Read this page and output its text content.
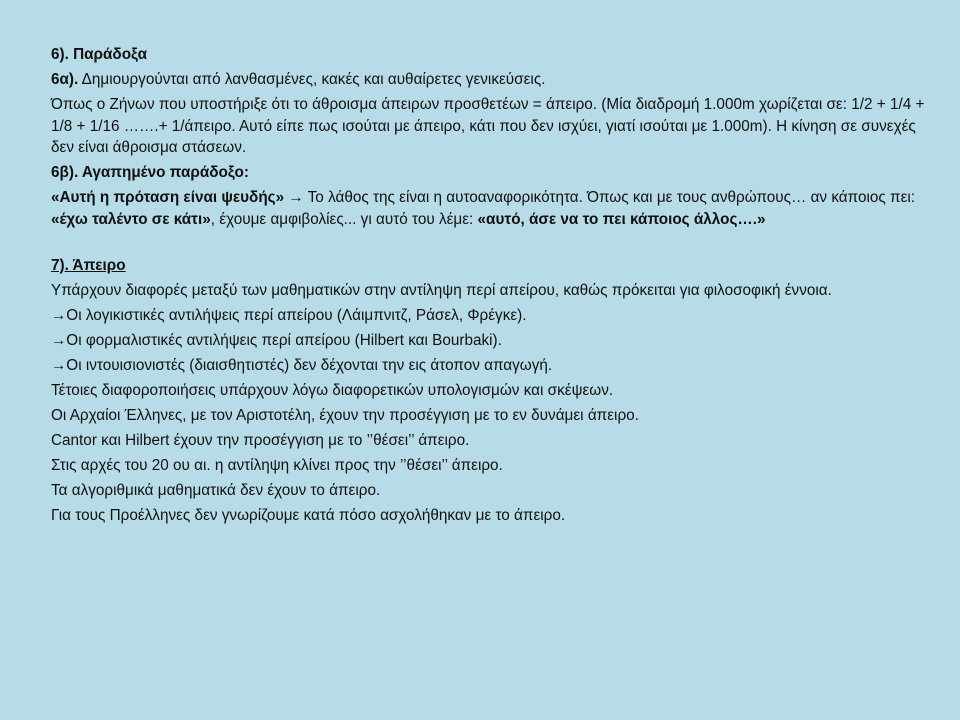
6). Παράδοξα

6α). Δημιουργούνται από λανθασμένες, κακές και αυθαίρετες γενικεύσεις.

Όπως ο Ζήνων που υποστήριξε ότι το άθροισμα άπειρων προσθετέων = άπειρο. (Μία διαδρομή 1.000m χωρίζεται σε: 1/2 + 1/4 + 1/8 + 1/16 …….+ 1/άπειρο. Αυτό είπε πως ισούται με άπειρο, κάτι που δεν ισχύει, γιατί ισούται με 1.000m). Η κίνηση σε συνεχές δεν είναι άθροισμα στάσεων.

6β). Αγαπημένο παράδοξο:

«Αυτή η πρόταση είναι ψευδής» → Το λάθος της είναι η αυτοαναφορικότητα. Όπως και με τους ανθρώπους… αν κάποιος πει: «έχω ταλέντο σε κάτι», έχουμε αμφιβολίες... γι αυτό του λέμε: «αυτό, άσε να το πει κάποιος άλλος….»

7). Άπειρο

Υπάρχουν διαφορές μεταξύ των μαθηματικών στην αντίληψη περί απείρου, καθώς πρόκειται για φιλοσοφική έννοια.

→Οι λογικιστικές αντιλήψεις περί απείρου (Λάιμπνιτζ, Ράσελ, Φρέγκε).

→Οι φορμαλιστικές αντιλήψεις περί απείρου (Hilbert και Bourbaki).

→Οι ιντουισιονιστές (διαισθητιστές) δεν δέχονται την εις άτοπον απαγωγή.

Τέτοιες διαφοροποιήσεις υπάρχουν λόγω διαφορετικών υπολογισμών και σκέψεων.

Οι Αρχαίοι Έλληνες, με τον Αριστοτέλη, έχουν την προσέγγιση με το εν δυνάμει άπειρο.

Cantor και Hilbert έχουν την προσέγγιση με το ’’θέσει’’ άπειρο.

Στις αρχές του 20 ου αι. η αντίληψη κλίνει προς την ’’θέσει’’ άπειρο.

Τα αλγοριθμικά μαθηματικά δεν έχουν το άπειρο.

Για τους Προέλληνες δεν γνωρίζουμε κατά πόσο ασχολήθηκαν με το άπειρο.
